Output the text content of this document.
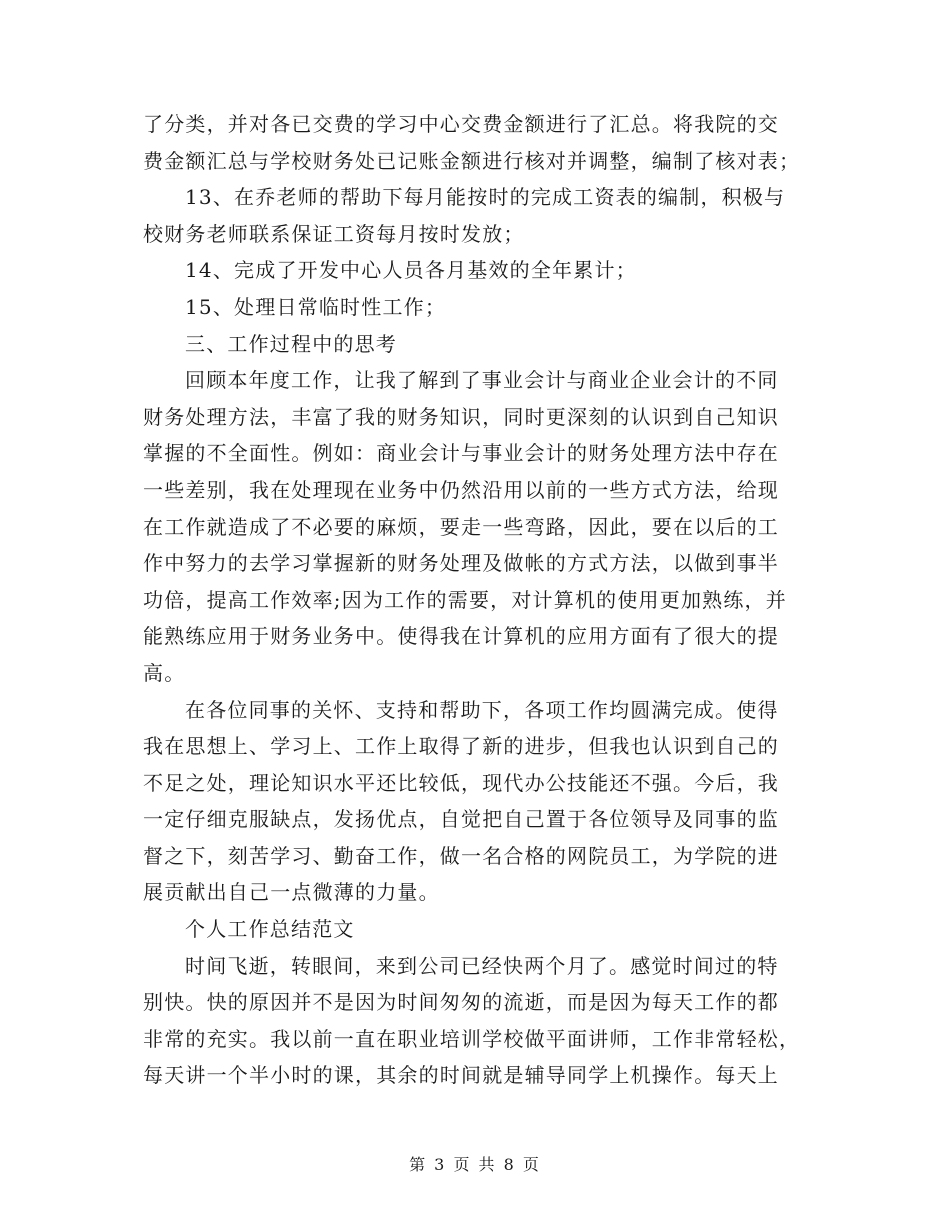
了分类，并对各已交费的学习中心交费金额进行了汇总。将我院的交
费金额汇总与学校财务处已记账金额进行核对并调整，编制了核对表；
13、在乔老师的帮助下每月能按时的完成工资表的编制，积极与
校财务老师联系保证工资每月按时发放；
14、完成了开发中心人员各月基效的全年累计；
15、处理日常临时性工作；
三、工作过程中的思考
回顾本年度工作，让我了解到了事业会计与商业企业会计的不同
财务处理方法，丰富了我的财务知识，同时更深刻的认识到自己知识
掌握的不全面性。例如：商业会计与事业会计的财务处理方法中存在
一些差别，我在处理现在业务中仍然沿用以前的一些方式方法，给现
在工作就造成了不必要的麻烦，要走一些弯路，因此，要在以后的工
作中努力的去学习掌握新的财务处理及做帐的方式方法，以做到事半
功倍，提高工作效率;因为工作的需要，对计算机的使用更加熟练，并
能熟练应用于财务业务中。使得我在计算机的应用方面有了很大的提
高。
在各位同事的关怀、支持和帮助下，各项工作均圆满完成。使得
我在思想上、学习上、工作上取得了新的进步，但我也认识到自己的
不足之处，理论知识水平还比较低，现代办公技能还不强。今后，我
一定仔细克服缺点，发扬优点，自觉把自己置于各位领导及同事的监
督之下，刻苦学习、勤奋工作，做一名合格的网院员工，为学院的进
展贡献出自己一点微薄的力量。
个人工作总结范文
时间飞逝，转眼间，来到公司已经快两个月了。感觉时间过的特
别快。快的原因并不是因为时间匆匆的流逝，而是因为每天工作的都
非常的充实。我以前一直在职业培训学校做平面讲师，工作非常轻松，
每天讲一个半小时的课，其余的时间就是辅导同学上机操作。每天上
第 3 页 共 8 页
